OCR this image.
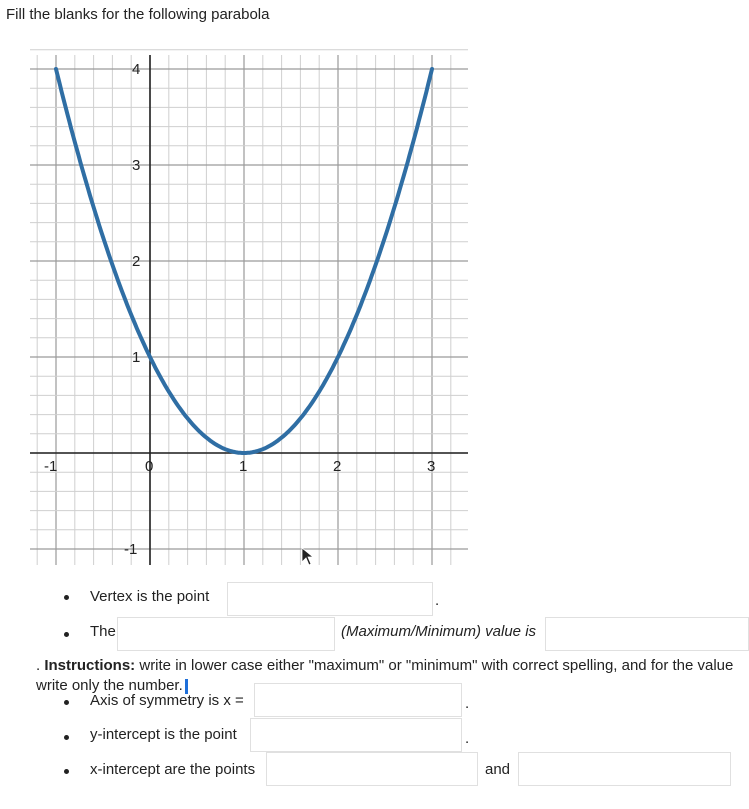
Fill the blanks for the following parabola
-1	0	1	2	3
4
3
2
1
-1
Vertex is the point	.
The	(Maximum/Minimum) value is
. Instructions: write in lower case either "maximum" or "minimum" with correct spelling, and for the value write only the number.
Axis of symmetry is x =	.
y-intercept is the point	.
x-intercept are the points	and
